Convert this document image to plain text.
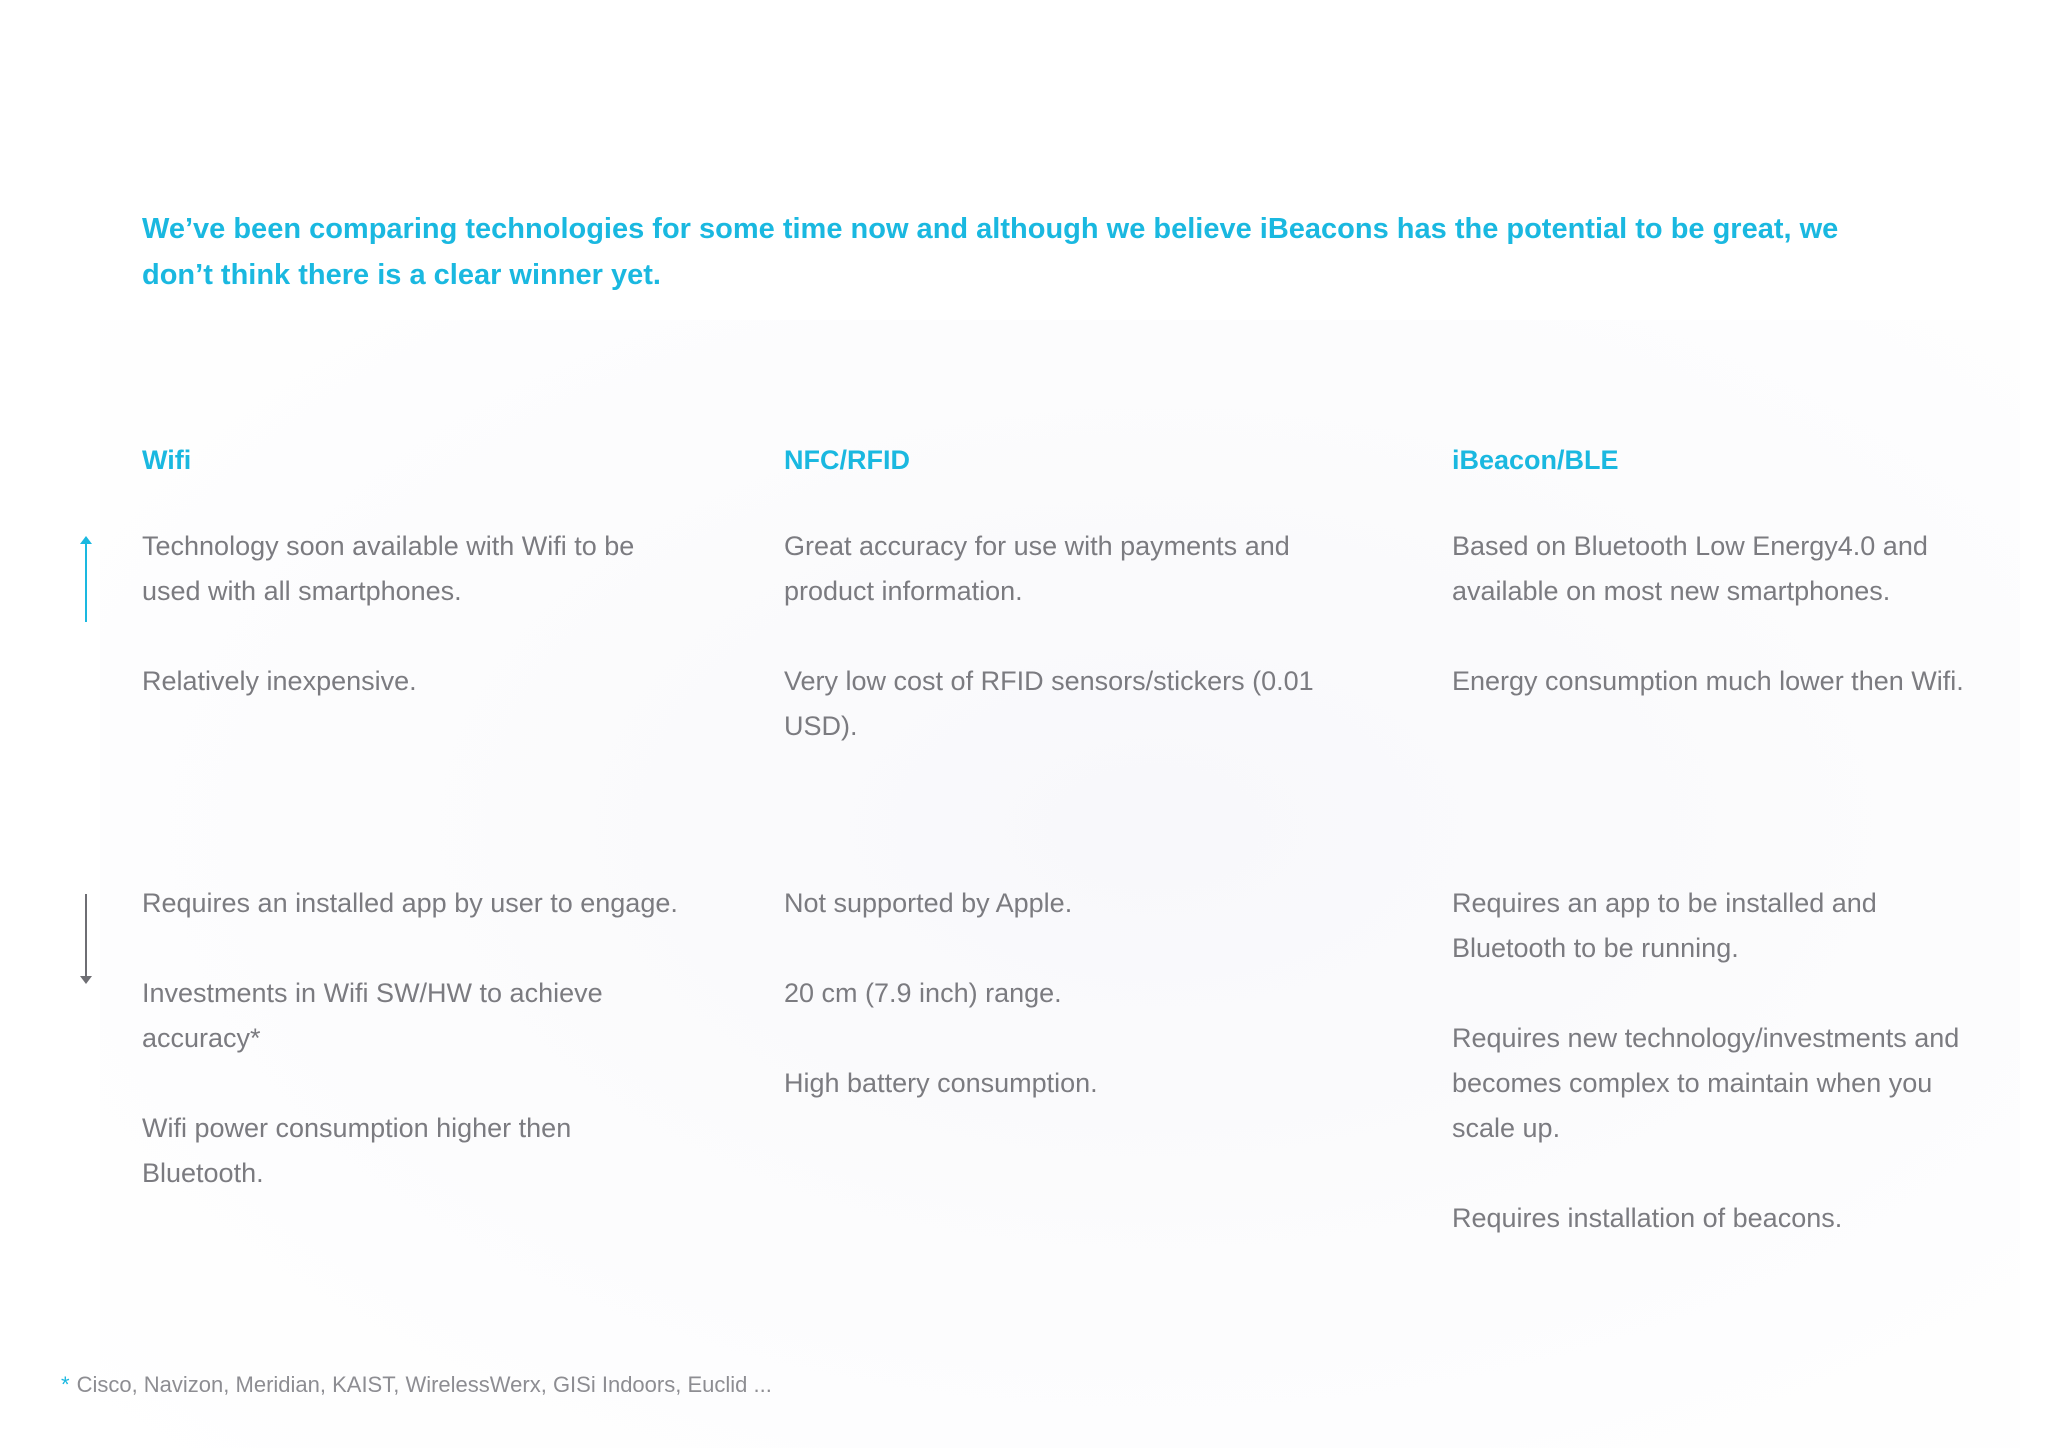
We’ve been comparing technologies for some time now and although we believe iBeacons has the potential to be great, we don’t think there is a clear winner yet.

Wifi

Technology soon available with Wifi to be used with all smartphones.

Relatively inexpensive.

Requires an installed app by user to engage.

Investments in Wifi SW/HW to achieve accuracy*

Wifi power consumption higher then Bluetooth.

NFC/RFID

Great accuracy for use with payments and product information.

Very low cost of RFID sensors/stickers (0.01 USD).

Not supported by Apple.

20 cm (7.9 inch) range.

High battery consumption.

iBeacon/BLE

Based on Bluetooth Low Energy4.0 and available on most new smartphones.

Energy consumption much lower then Wifi.

Requires an app to be installed and Bluetooth to be running.

Requires new technology/investments and becomes complex to maintain when you scale up.

Requires installation of beacons.

* Cisco, Navizon, Meridian, KAIST, WirelessWerx, GISi Indoors, Euclid ...
